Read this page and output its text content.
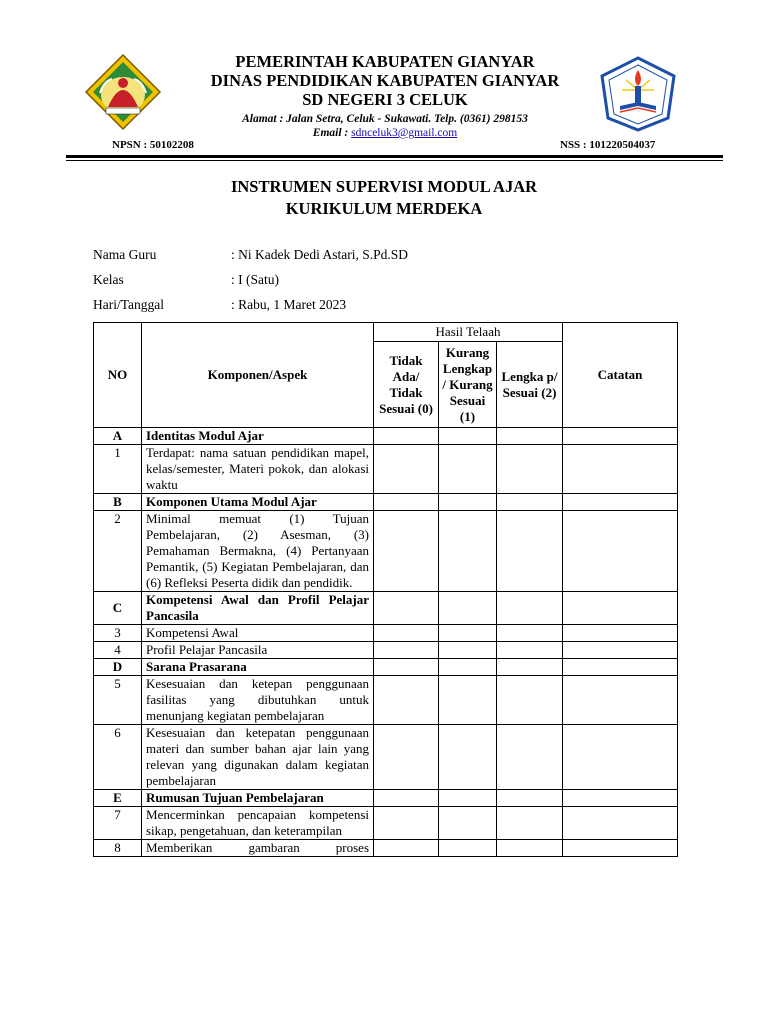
PEMERINTAH KABUPATEN GIANYAR
DINAS PENDIDIKAN KABUPATEN GIANYAR
SD NEGERI 3 CELUK
Alamat : Jalan Setra, Celuk - Sukawati. Telp. (0361) 298153
Email : sdnceluk3@gmail.com
NPSN : 50102208	NSS : 101220504037
INSTRUMEN SUPERVISI MODUL AJAR
KURIKULUM MERDEKA
Nama Guru	: Ni Kadek Dedi Astari, S.Pd.SD
Kelas	: I (Satu)
Hari/Tanggal	: Rabu, 1 Maret 2023
NO	Komponen/Aspek	Hasil Telaah			Catatan
		Tidak Ada/ Tidak Sesuai (0)	Kurang Lengkap / Kurang Sesuai (1)	Lengka p/ Sesuai (2)	
A	Identitas Modul Ajar				
1	Terdapat: nama satuan pendidikan mapel, kelas/semester, Materi pokok, dan alokasi waktu				
B	Komponen Utama Modul Ajar				
2	Minimal memuat (1) Tujuan Pembelajaran, (2) Asesman, (3) Pemahaman Bermakna, (4) Pertanyaan Pemantik, (5) Kegiatan Pembelajaran, dan (6) Refleksi Peserta didik dan pendidik.				
C	Kompetensi Awal dan Profil Pelajar Pancasila				
3	Kompetensi Awal				
4	Profil Pelajar Pancasila				
D	Sarana Prasarana				
5	Kesesuaian dan ketepan penggunaan fasilitas yang dibutuhkan untuk menunjang kegiatan pembelajaran				
6	Kesesuaian dan ketepatan penggunaan materi dan sumber bahan ajar lain yang relevan yang digunakan dalam kegiatan pembelajaran				
E	Rumusan Tujuan Pembelajaran				
7	Mencerminkan pencapaian kompetensi sikap, pengetahuan, dan keterampilan				
8	Memberikan gambaran proses				
